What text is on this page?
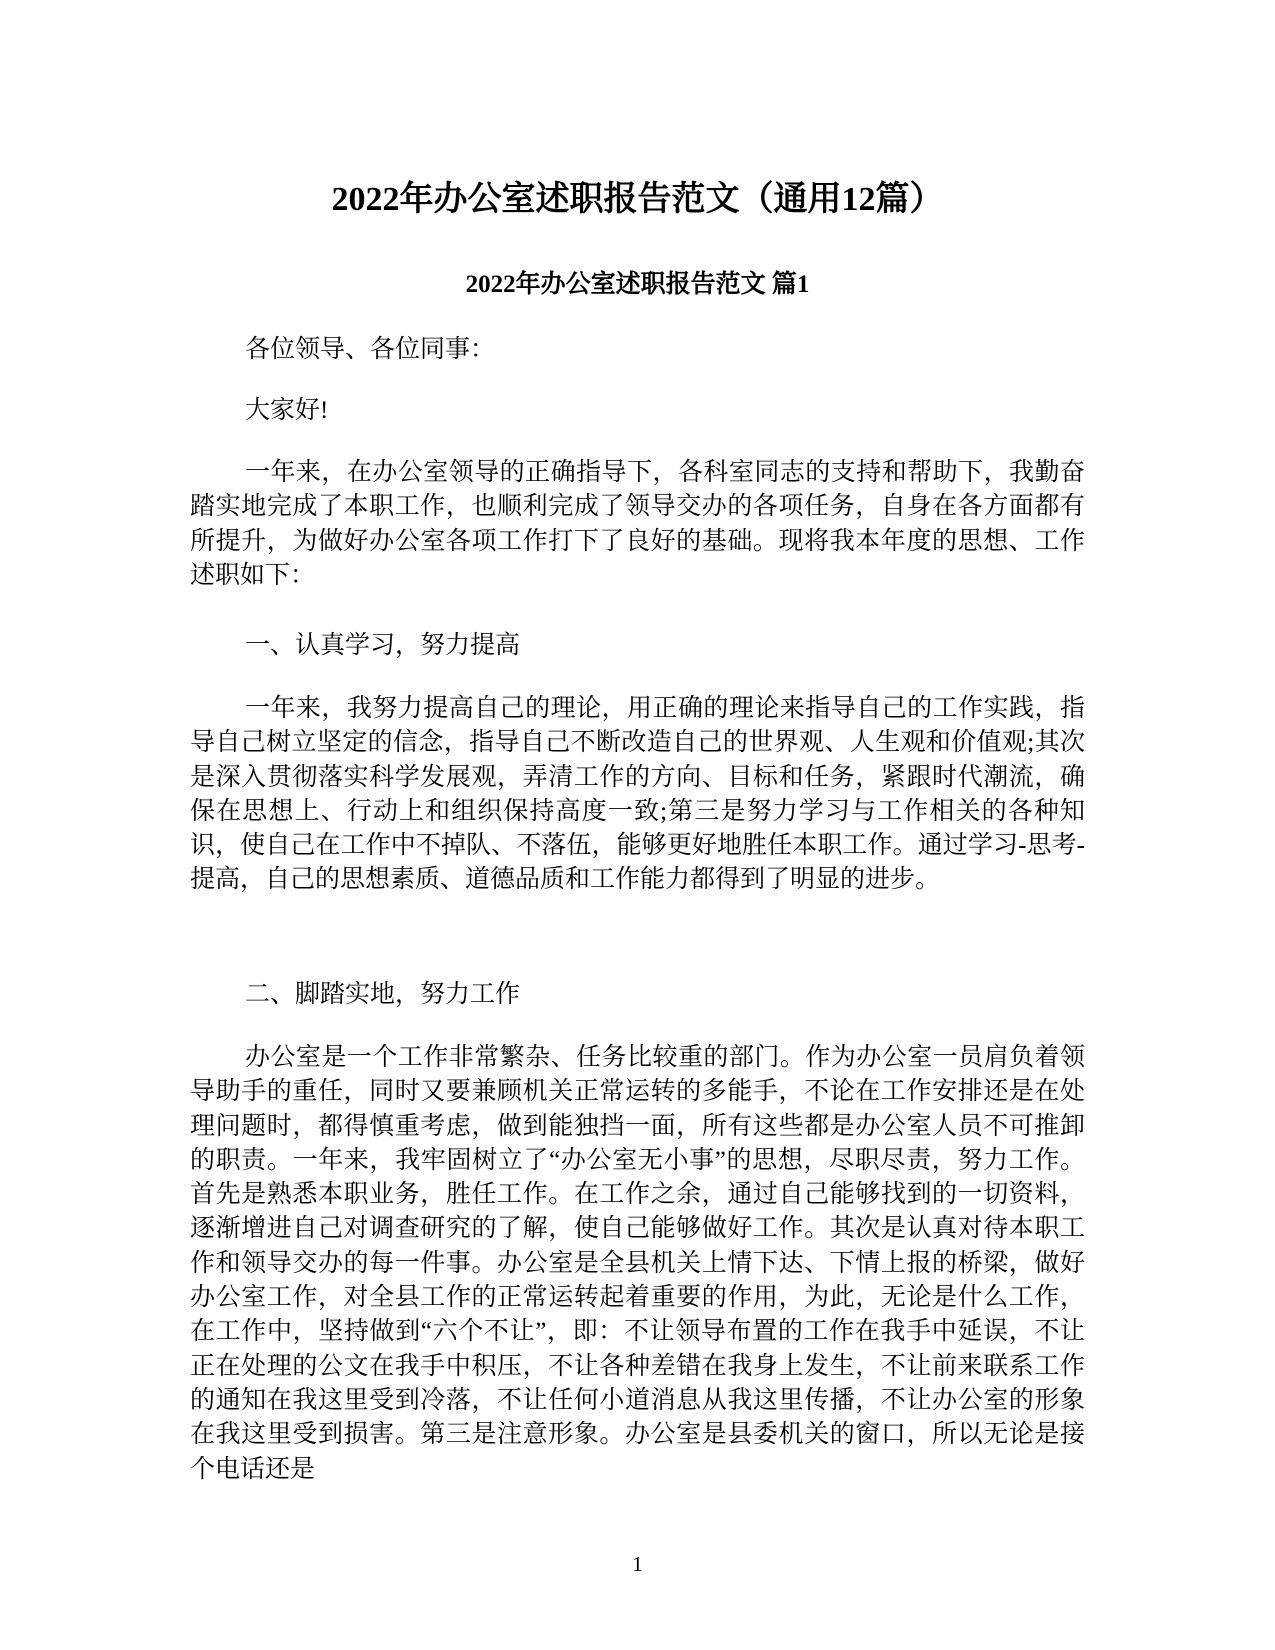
2022年办公室述职报告范文（通用12篇）
2022年办公室述职报告范文 篇1

各位领导、各位同事：

大家好!

一年来，在办公室领导的正确指导下，各科室同志的支持和帮助下，我勤奋踏实地完成了本职工作，也顺利完成了领导交办的各项任务，自身在各方面都有所提升，为做好办公室各项工作打下了良好的基础。现将我本年度的思想、工作述职如下：

一、认真学习，努力提高

一年来，我努力提高自己的理论，用正确的理论来指导自己的工作实践，指导自己树立坚定的信念，指导自己不断改造自己的世界观、人生观和价值观;其次是深入贯彻落实科学发展观，弄清工作的方向、目标和任务，紧跟时代潮流，确保在思想上、行动上和组织保持高度一致;第三是努力学习与工作相关的各种知识，使自己在工作中不掉队、不落伍，能够更好地胜任本职工作。通过学习-思考-提高，自己的思想素质、道德品质和工作能力都得到了明显的进步。

二、脚踏实地，努力工作

办公室是一个工作非常繁杂、任务比较重的部门。作为办公室一员肩负着领导助手的重任，同时又要兼顾机关正常运转的多能手，不论在工作安排还是在处理问题时，都得慎重考虑，做到能独挡一面，所有这些都是办公室人员不可推卸的职责。一年来，我牢固树立了“办公室无小事”的思想，尽职尽责，努力工作。首先是熟悉本职业务，胜任工作。在工作之余，通过自己能够找到的一切资料，逐渐增进自己对调查研究的了解，使自己能够做好工作。其次是认真对待本职工作和领导交办的每一件事。办公室是全县机关上情下达、下情上报的桥梁，做好办公室工作，对全县工作的正常运转起着重要的作用，为此，无论是什么工作，在工作中，坚持做到“六个不让”，即：不让领导布置的工作在我手中延误，不让正在处理的公文在我手中积压，不让各种差错在我身上发生，不让前来联系工作的通知在我这里受到冷落，不让任何小道消息从我这里传播，不让办公室的形象在我这里受到损害。第三是注意形象。办公室是县委机关的窗口，所以无论是接个电话还是

1
